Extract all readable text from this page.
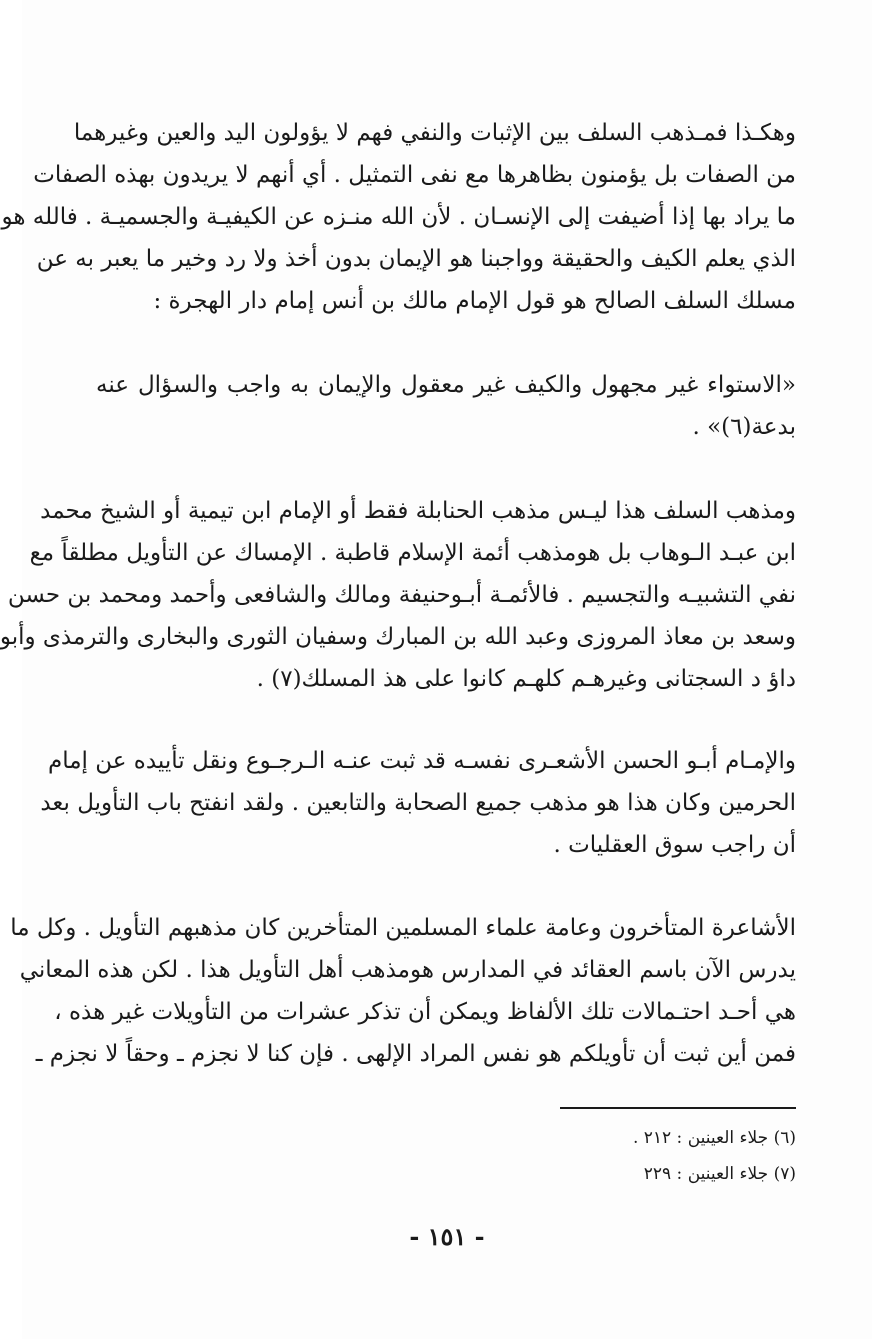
وهكـذا فمـذهب السلف بين الإثبات والنفي فهم لا يؤولون اليد والعين وغيرهما
من الصفات بل يؤمنون بظاهرها مع نفى التمثيل . أي أنهم لا يريدون بهذه الصفات
ما يراد بها إذا أضيفت إلى الإنسـان . لأن الله منـزه عن الكيفيـة والجسميـة . فالله هو
الذي يعلم الكيف والحقيقة وواجبنا هو الإيمان بدون أخذ ولا رد وخير ما يعبر به عن
مسلك السلف الصالح هو قول الإمام مالك بن أنس إمام دار الهجرة :
«الاستواء غير مجهول والكيف غير معقول والإيمان به واجب والسؤال عنه
بدعة(٦)» .
ومذهب السلف هذا ليـس مذهب الحنابلة فقط أو الإمام ابن تيمية أو الشيخ محمد
ابن عبـد الـوهاب بل هومذهب أئمة الإسلام قاطبة . الإمساك عن التأويل مطلقاً مع
نفي التشبيـه والتجسيم . فالأئمـة أبـوحنيفة ومالك والشافعى وأحمد ومحمد بن حسن
وسعد بن معاذ المروزى وعبد الله بن المبارك وسفيان الثورى والبخارى والترمذى وأبو
داؤ د السجتانى وغيرهـم كلهـم كانوا على هذ المسلك(٧) .
والإمـام أبـو الحسن الأشعـرى نفسـه قد ثبت عنـه الـرجـوع ونقل تأييده عن إمام
الحرمين وكان هذا هو مذهب جميع الصحابة والتابعين . ولقد انفتح باب التأويل بعد
أن راجب سوق العقليات .
الأشاعرة المتأخرون وعامة علماء المسلمين المتأخرين كان مذهبهم التأويل . وكل ما
يدرس الآن باسم العقائد في المدارس هومذهب أهل التأويل هذا . لكن هذه المعاني
هي أحـد احتـمالات تلك الألفاظ ويمكن أن تذكر عشرات من التأويلات غير هذه ،
فمن أين ثبت أن تأويلكم هو نفس المراد الإلهى . فإن كنا لا نجزم ـ وحقاً لا نجزم ـ
(٦) جلاء العينين : ٢١٢ .
(٧) جلاء العينين : ٢٢٩
- ١٥١ -
